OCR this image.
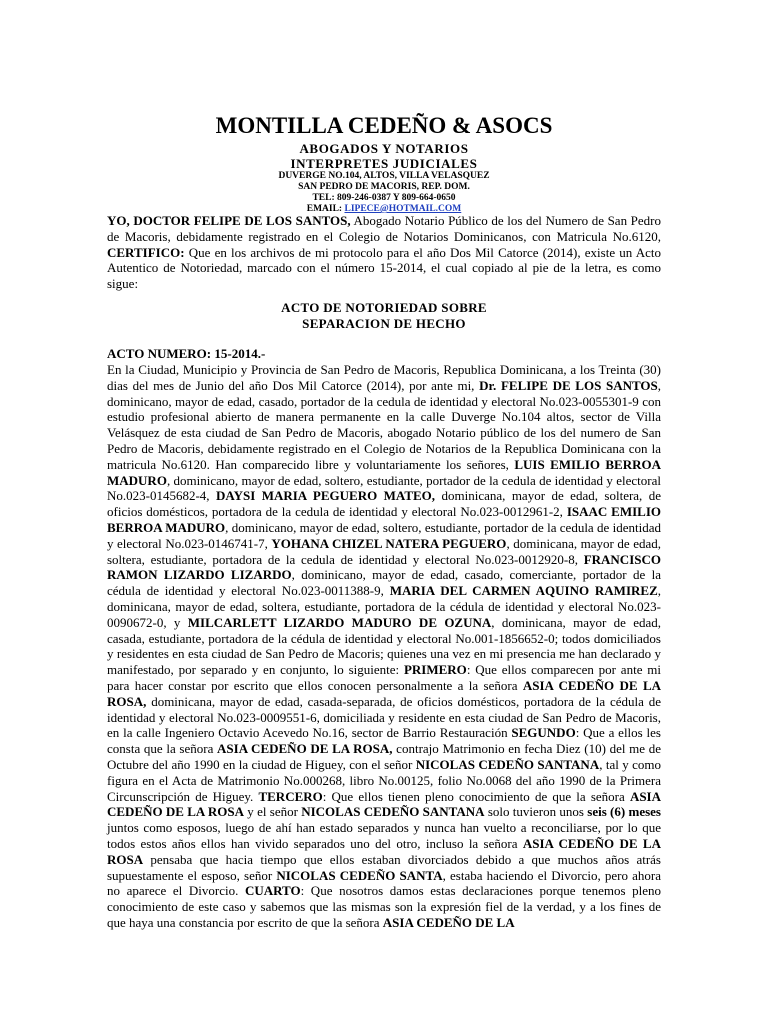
MONTILLA CEDEÑO & ASOCS
ABOGADOS Y NOTARIOS
INTERPRETES JUDICIALES
DUVERGE NO.104, ALTOS, VILLA VELASQUEZ
SAN PEDRO DE MACORIS, REP. DOM.
TEL: 809-246-0387 Y 809-664-0650
EMAIL: LIPECE@HOTMAIL.COM
YO, DOCTOR FELIPE DE LOS SANTOS, Abogado Notario Público de los del Numero de San Pedro de Macoris, debidamente registrado en el Colegio de Notarios Dominicanos, con Matricula No.6120, CERTIFICO: Que en los archivos de mi protocolo para el año Dos Mil Catorce (2014), existe un Acto Autentico de Notoriedad, marcado con el número 15-2014, el cual copiado al pie de la letra, es como sigue:
ACTO DE NOTORIEDAD SOBRE
SEPARACION DE HECHO
ACTO NUMERO: 15-2014.-
En la Ciudad, Municipio y Provincia de San Pedro de Macoris, Republica Dominicana, a los Treinta (30) dias del mes de Junio del año Dos Mil Catorce (2014), por ante mi, Dr. FELIPE DE LOS SANTOS, dominicano, mayor de edad, casado, portador de la cedula de identidad y electoral No.023-0055301-9 con estudio profesional abierto de manera permanente en la calle Duverge No.104 altos, sector de Villa Velásquez de esta ciudad de San Pedro de Macoris, abogado Notario público de los del numero de San Pedro de Macoris, debidamente registrado en el Colegio de Notarios de la Republica Dominicana con la matricula No.6120. Han comparecido libre y voluntariamente los señores, LUIS EMILIO BERROA MADURO, dominicano, mayor de edad, soltero, estudiante, portador de la cedula de identidad y electoral No.023-0145682-4, DAYSI MARIA PEGUERO MATEO, dominicana, mayor de edad, soltera, de oficios domésticos, portadora de la cedula de identidad y electoral No.023-0012961-2, ISAAC EMILIO BERROA MADURO, dominicano, mayor de edad, soltero, estudiante, portador de la cedula de identidad y electoral No.023-0146741-7, YOHANA CHIZEL NATERA PEGUERO, dominicana, mayor de edad, soltera, estudiante, portadora de la cedula de identidad y electoral No.023-0012920-8, FRANCISCO RAMON LIZARDO LIZARDO, dominicano, mayor de edad, casado, comerciante, portador de la cédula de identidad y electoral No.023-0011388-9, MARIA DEL CARMEN AQUINO RAMIREZ, dominicana, mayor de edad, soltera, estudiante, portadora de la cédula de identidad y electoral No.023-0090672-0, y MILCARLETT LIZARDO MADURO DE OZUNA, dominicana, mayor de edad, casada, estudiante, portadora de la cédula de identidad y electoral No.001-1856652-0; todos domiciliados y residentes en esta ciudad de San Pedro de Macoris; quienes una vez en mi presencia me han declarado y manifestado, por separado y en conjunto, lo siguiente: PRIMERO: Que ellos comparecen por ante mi para hacer constar por escrito que ellos conocen personalmente a la señora ASIA CEDEÑO DE LA ROSA, dominicana, mayor de edad, casada-separada, de oficios domésticos, portadora de la cédula de identidad y electoral No.023-0009551-6, domiciliada y residente en esta ciudad de San Pedro de Macoris, en la calle Ingeniero Octavio Acevedo No.16, sector de Barrio Restauración SEGUNDO: Que a ellos les consta que la señora ASIA CEDEÑO DE LA ROSA, contrajo Matrimonio en fecha Diez (10) del me de Octubre del año 1990 en la ciudad de Higuey, con el señor NICOLAS CEDEÑO SANTANA, tal y como figura en el Acta de Matrimonio No.000268, libro No.00125, folio No.0068 del año 1990 de la Primera Circunscripción de Higuey. TERCERO: Que ellos tienen pleno conocimiento de que la señora ASIA CEDEÑO DE LA ROSA y el señor NICOLAS CEDEÑO SANTANA solo tuvieron unos seis (6) meses juntos como esposos, luego de ahí han estado separados y nunca han vuelto a reconciliarse, por lo que todos estos años ellos han vivido separados uno del otro, incluso la señora ASIA CEDEÑO DE LA ROSA pensaba que hacia tiempo que ellos estaban divorciados debido a que muchos años atrás supuestamente el esposo, señor NICOLAS CEDEÑO SANTA, estaba haciendo el Divorcio, pero ahora no aparece el Divorcio. CUARTO: Que nosotros damos estas declaraciones porque tenemos pleno conocimiento de este caso y sabemos que las mismas son la expresión fiel de la verdad, y a los fines de que haya una constancia por escrito de que la señora ASIA CEDEÑO DE LA
